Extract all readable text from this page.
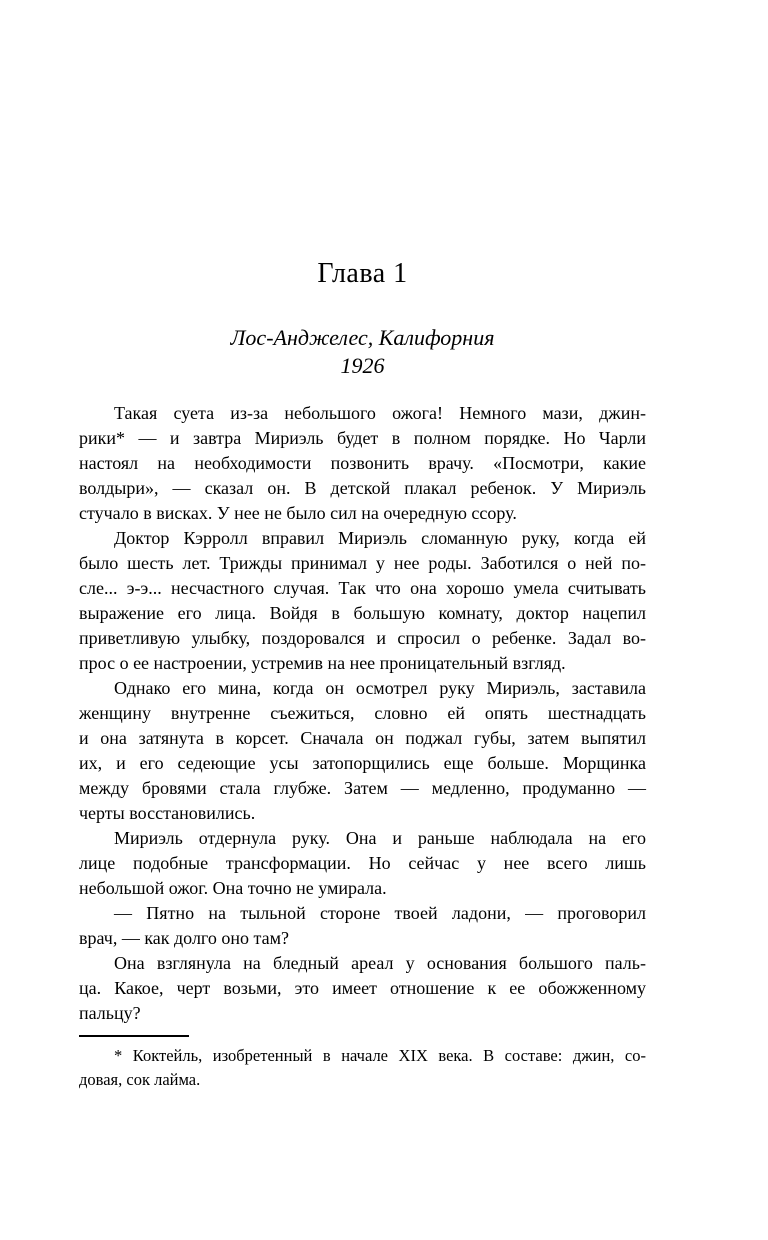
Глава 1
Лос-Анджелес, Калифорния
1926
Такая суета из-за небольшого ожога! Немного мази, джин-
рики* — и завтра Мириэль будет в полном порядке. Но Чарли
настоял на необходимости позвонить врачу. «Посмотри, какие
волдыри», — сказал он. В детской плакал ребенок. У Мириэль
стучало в висках. У нее не было сил на очередную ссору.
Доктор Кэрролл вправил Мириэль сломанную руку, когда ей
было шесть лет. Трижды принимал у нее роды. Заботился о ней по-
сле... э-э... несчастного случая. Так что она хорошо умела считывать
выражение его лица. Войдя в большую комнату, доктор нацепил
приветливую улыбку, поздоровался и спросил о ребенке. Задал во-
прос о ее настроении, устремив на нее проницательный взгляд.
Однако его мина, когда он осмотрел руку Мириэль, заставила
женщину внутренне съежиться, словно ей опять шестнадцать
и она затянута в корсет. Сначала он поджал губы, затем выпятил
их, и его седеющие усы затопорщились еще больше. Морщинка
между бровями стала глубже. Затем — медленно, продуманно —
черты восстановились.
Мириэль отдернула руку. Она и раньше наблюдала на его
лице подобные трансформации. Но сейчас у нее всего лишь
небольшой ожог. Она точно не умирала.
— Пятно на тыльной стороне твоей ладони, — проговорил
врач, — как долго оно там?
Она взглянула на бледный ареал у основания большого паль-
ца. Какое, черт возьми, это имеет отношение к ее обожженному
пальцу?
* Коктейль, изобретенный в начале XIX века. В составе: джин, со-
довая, сок лайма.
